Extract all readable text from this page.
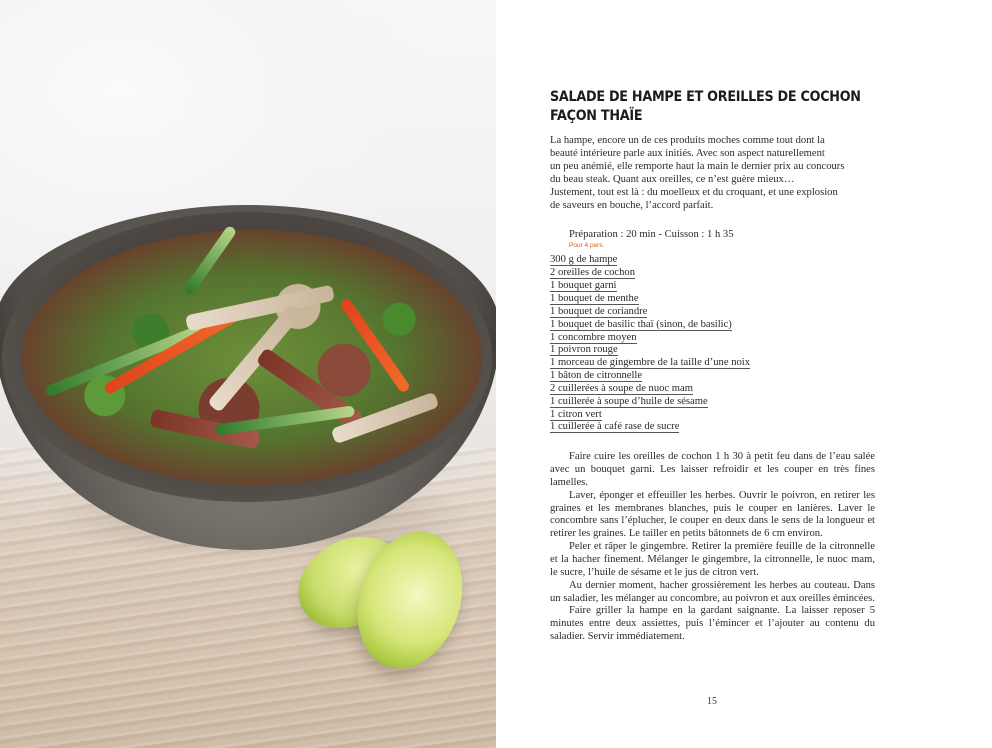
SALADE DE HAMPE ET OREILLES DE COCHON FAÇON THAÏE

La hampe, encore un de ces produits moches comme tout dont la

beauté intérieure parle aux initiés. Avec son aspect naturellement

un peu anémié, elle remporte haut la main le dernier prix au concours

du beau steak. Quant aux oreilles, ce n’est guère mieux…

Justement, tout est là : du moelleux et du croquant, et une explosion

de saveurs en bouche, l’accord parfait.

Préparation : 20 min - Cuisson : 1 h 35
Pour 4 pers.
300 g de hampe
2 oreilles de cochon
1 bouquet garni
1 bouquet de menthe
1 bouquet de coriandre
1 bouquet de basilic thaï (sinon, de basilic)
1 concombre moyen
1 poivron rouge
1 morceau de gingembre de la taille d’une noix
1 bâton de citronnelle
2 cuillerées à soupe de nuoc mam
1 cuillerée à soupe d’huile de sésame
1 citron vert
1 cuillerée à café rase de sucre

Faire cuire les oreilles de cochon 1 h 30 à petit feu dans de l’eau salée avec un bouquet garni. Les laisser refroidir et les couper en très fines lamelles.

Laver, éponger et effeuiller les herbes. Ouvrir le poivron, en retirer les graines et les membranes blanches, puis le couper en lanières. Laver le concombre sans l’éplucher, le couper en deux dans le sens de la longueur et retirer les graines. Le tailler en petits bâtonnets de 6 cm environ.

Peler et râper le gingembre. Retirer la première feuille de la citronnelle et la hacher finement. Mélanger le gingembre, la citronnelle, le nuoc mam, le sucre, l’huile de sésame et le jus de citron vert.

Au dernier moment, hacher grossièrement les herbes au couteau. Dans un saladier, les mélanger au concombre, au poivron et aux oreilles émincées.

Faire griller la hampe en la gardant saignante. La laisser reposer 5 minutes entre deux assiettes, puis l’émincer et l’ajouter au contenu du saladier. Servir immédiatement.

15
